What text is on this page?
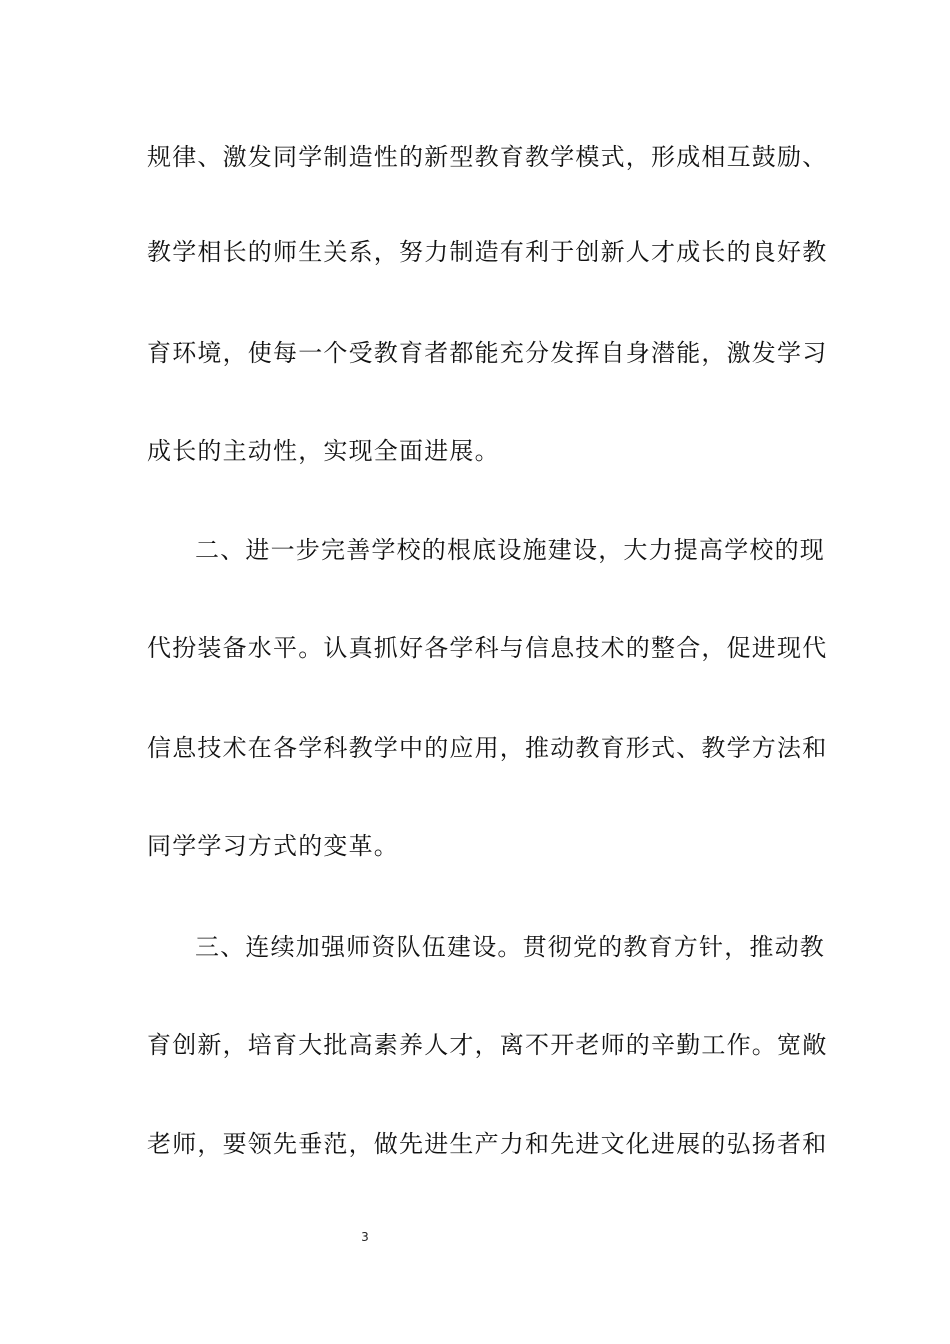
规律、激发同学制造性的新型教育教学模式，形成相互鼓励、
教学相长的师生关系，努力制造有利于创新人才成长的良好教
育环境，使每一个受教育者都能充分发挥自身潜能，激发学习
成长的主动性，实现全面进展。
二、进一步完善学校的根底设施建设，大力提高学校的现
代扮装备水平。认真抓好各学科与信息技术的整合，促进现代
信息技术在各学科教学中的应用，推动教育形式、教学方法和
同学学习方式的变革。
三、连续加强师资队伍建设。贯彻党的教育方针，推动教
育创新，培育大批高素养人才，离不开老师的辛勤工作。宽敞
老师，要领先垂范，做先进生产力和先进文化进展的弘扬者和
3
